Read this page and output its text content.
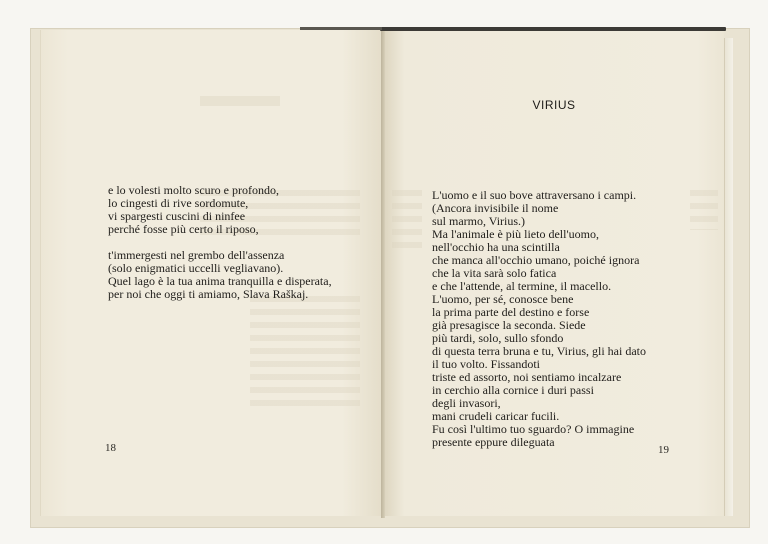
e lo volesti molto scuro e profondo,
lo cingesti di rive sordomute,
vi spargesti cuscini di ninfee
perché fosse più certo il riposo,
t'immergesti nel grembo dell'assenza
(solo enigmatici uccelli vegliavano).
Quel lago è la tua anima tranquilla e disperata,
per noi che oggi ti amiamo, Slava Raškaj.
18
VIRIUS
L'uomo e il suo bove attraversano i campi.
(Ancora invisibile il nome
sul marmo, Virius.)
Ma l'animale è più lieto dell'uomo,
nell'occhio ha una scintilla
che manca all'occhio umano, poiché ignora
che la vita sarà solo fatica
e che l'attende, al termine, il macello.
L'uomo, per sé, conosce bene
la prima parte del destino e forse
già presagisce la seconda. Siede
più tardi, solo, sullo sfondo
di questa terra bruna e tu, Virius, gli hai dato
il tuo volto. Fissandoti
triste ed assorto, noi sentiamo incalzare
in cerchio alla cornice i duri passi
degli invasori,
mani crudeli caricar fucili.
Fu così l'ultimo tuo sguardo? O immagine
presente eppure dileguata
19
